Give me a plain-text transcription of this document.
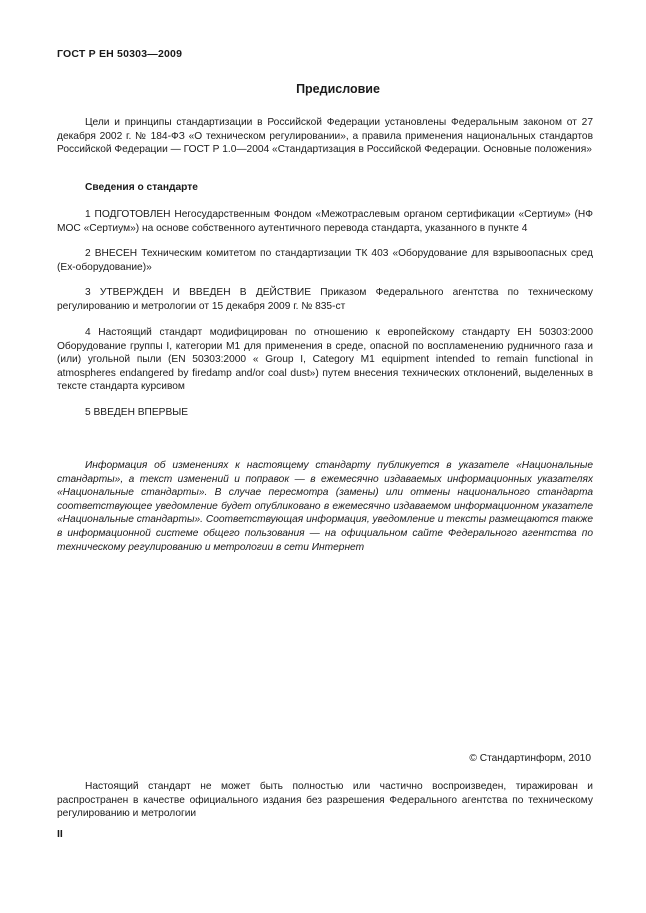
ГОСТ Р ЕН 50303—2009
Предисловие

Цели и принципы стандартизации в Российской Федерации установлены Федеральным законом от 27 декабря 2002 г. № 184-ФЗ «О техническом регулировании», а правила применения национальных стандартов Российской Федерации — ГОСТ Р 1.0—2004 «Стандартизация в Российской Федерации. Основные положения»

Сведения о стандарте

1 ПОДГОТОВЛЕН Негосударственным Фондом «Межотраслевым органом сертификации «Сертиум» (НФ МОС «Сертиум») на основе собственного аутентичного перевода стандарта, указанного в пункте 4

2 ВНЕСЕН Техническим комитетом по стандартизации ТК 403 «Оборудование для взрывоопасных сред (Ex-оборудование)»

3 УТВЕРЖДЕН И ВВЕДЕН В ДЕЙСТВИЕ Приказом Федерального агентства по техническому регулированию и метрологии от 15 декабря 2009 г. № 835-ст

4 Настоящий стандарт модифицирован по отношению к европейскому стандарту ЕН 50303:2000 Оборудование группы I, категории М1 для применения в среде, опасной по воспламенению рудничного газа и (или) угольной пыли (EN 50303:2000 « Group I, Category M1 equipment intended to remain functional in atmospheres endangered by firedamp and/or coal dust») путем внесения технических отклонений, выделенных в тексте стандарта курсивом

5 ВВЕДЕН ВПЕРВЫЕ

Информация об изменениях к настоящему стандарту публикуется в указателе «Национальные стандарты», а текст изменений и поправок — в ежемесячно издаваемых информационных указателях «Национальные стандарты». В случае пересмотра (замены) или отмены национального стандарта соответствующее уведомление будет опубликовано в ежемесячно издаваемом информационном указателе «Национальные стандарты». Соответствующая информация, уведомление и тексты размещаются также в информационной системе общего пользования — на официальном сайте Федерального агентства по техническому регулированию и метрологии в сети Интернет

© Стандартинформ, 2010

Настоящий стандарт не может быть полностью или частично воспроизведен, тиражирован и распространен в качестве официального издания без разрешения Федерального агентства по техническому регулированию и метрологии

II
